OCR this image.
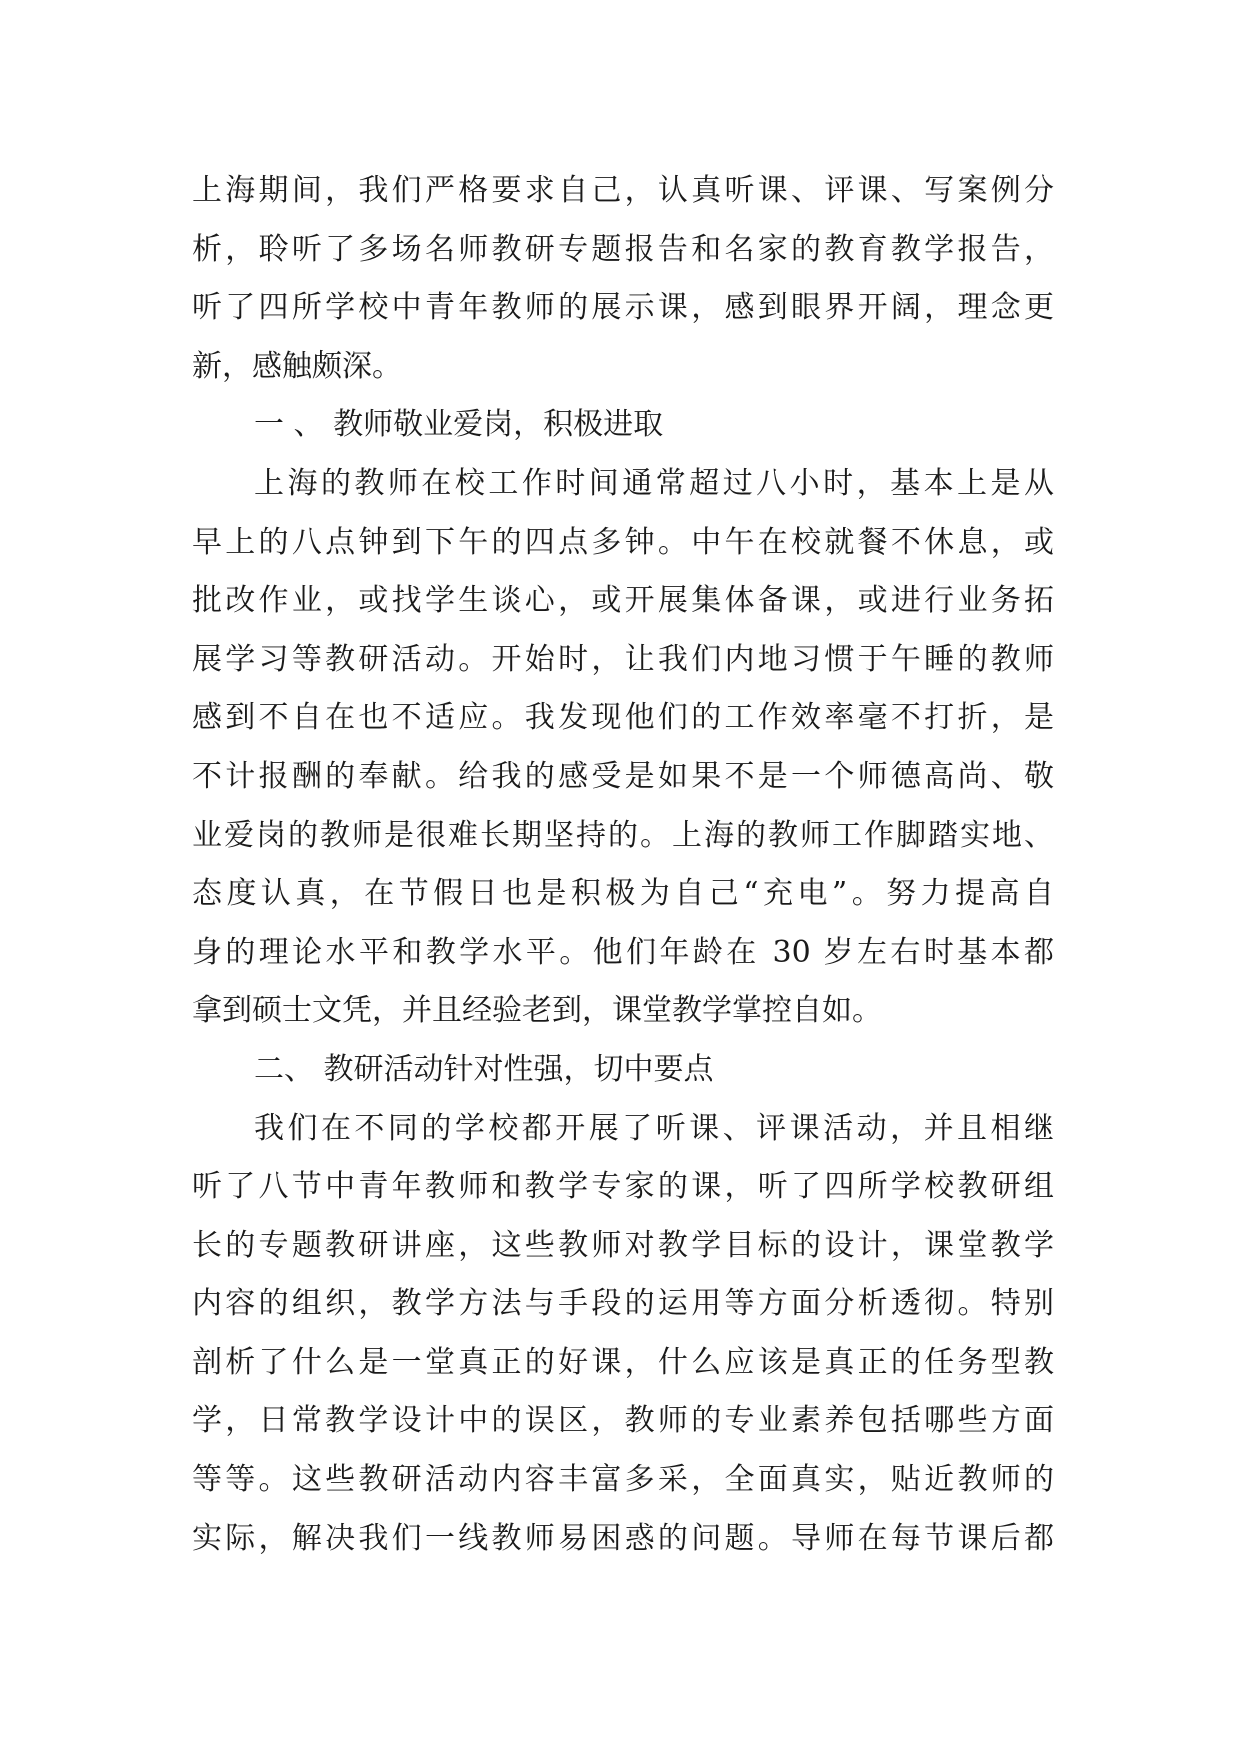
上海期间，我们严格要求自己，认真听课、评课、写案例分
析，聆听了多场名师教研专题报告和名家的教育教学报告，
听了四所学校中青年教师的展示课，感到眼界开阔，理念更
新，感触颇深。
一 、 教师敬业爱岗，积极进取
上海的教师在校工作时间通常超过八小时，基本上是从
早上的八点钟到下午的四点多钟。中午在校就餐不休息，或
批改作业，或找学生谈心，或开展集体备课，或进行业务拓
展学习等教研活动。开始时，让我们内地习惯于午睡的教师
感到不自在也不适应。我发现他们的工作效率毫不打折，是
不计报酬的奉献。给我的感受是如果不是一个师德高尚、敬
业爱岗的教师是很难长期坚持的。上海的教师工作脚踏实地、
态度认真，在节假日也是积极为自己“充电”。努力提高自
身的理论水平和教学水平。他们年龄在 30 岁左右时基本都
拿到硕士文凭，并且经验老到，课堂教学掌控自如。
二、 教研活动针对性强，切中要点
我们在不同的学校都开展了听课、评课活动，并且相继
听了八节中青年教师和教学专家的课，听了四所学校教研组
长的专题教研讲座，这些教师对教学目标的设计，课堂教学
内容的组织，教学方法与手段的运用等方面分析透彻。特别
剖析了什么是一堂真正的好课，什么应该是真正的任务型教
学，日常教学设计中的误区，教师的专业素养包括哪些方面
等等。这些教研活动内容丰富多采，全面真实，贴近教师的
实际，解决我们一线教师易困惑的问题。导师在每节课后都
